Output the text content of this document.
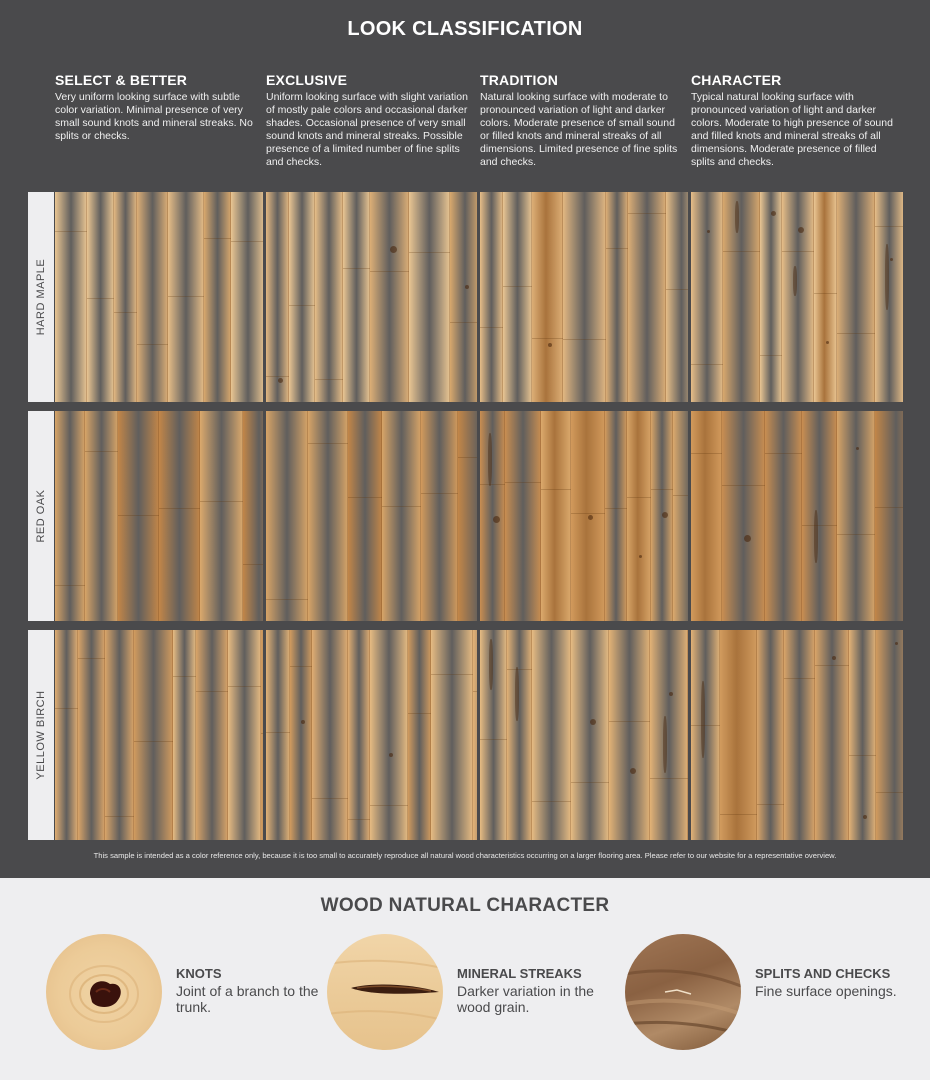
LOOK CLASSIFICATION
SELECT & BETTER

Very uniform looking surface with subtle color variation. Minimal presence of very small sound knots and mineral streaks. No splits or checks.

EXCLUSIVE

Uniform looking surface with slight variation of mostly pale colors and occasional darker shades. Occasional presence of very small sound knots and mineral streaks. Possible presence of a limited number of fine splits and checks.

TRADITION

Natural looking surface with moderate to pronounced variation of light and darker colors. Moderate presence of small sound or filled knots and mineral streaks of all dimensions. Limited presence of fine splits and checks.

CHARACTER

Typical natural looking surface with pronounced variation of light and darker colors. Moderate to high presence of sound and filled knots and mineral streaks of all dimensions. Moderate presence of filled splits and checks.

HARD MAPLE
RED OAK
YELLOW BIRCH
This sample is intended as a color reference only, because it is too small to accurately reproduce all natural wood characteristics occurring on a larger flooring area. Please refer to our website for a representative overview.
WOOD NATURAL CHARACTER
KNOTS

Joint of a branch to the trunk.

MINERAL STREAKS

Darker variation in the wood grain.

SPLITS AND CHECKS

Fine surface openings.
